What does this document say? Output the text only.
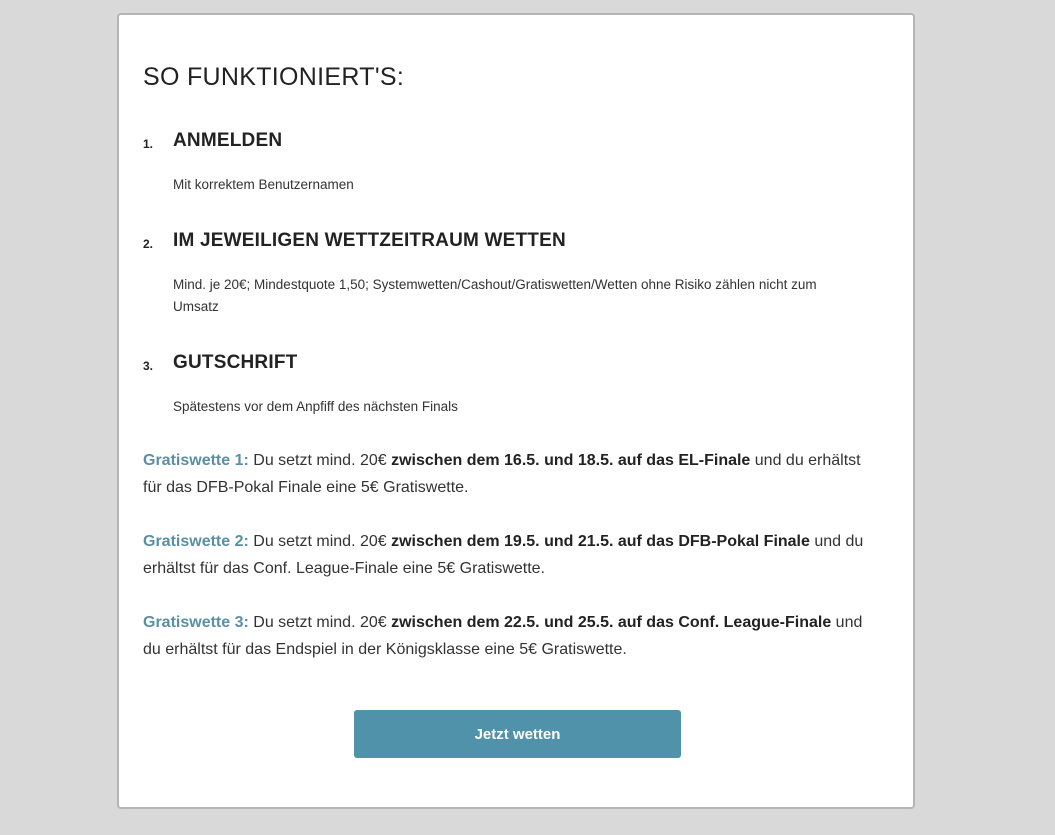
SO FUNKTIONIERT'S:
1. ANMELDEN

Mit korrektem Benutzernamen

2. IM JEWEILIGEN WETTZEITRAUM WETTEN

Mind. je 20€; Mindestquote 1,50; Systemwetten/Cashout/Gratiswetten/Wetten ohne Risiko zählen nicht zum Umsatz

3. GUTSCHRIFT

Spätestens vor dem Anpfiff des nächsten Finals

Gratiswette 1: Du setzt mind. 20€ zwischen dem 16.5. und 18.5. auf das EL-Finale und du erhältst für das DFB-Pokal Finale eine 5€ Gratiswette.

Gratiswette 2: Du setzt mind. 20€ zwischen dem 19.5. und 21.5. auf das DFB-Pokal Finale und du erhältst für das Conf. League-Finale eine 5€ Gratiswette.

Gratiswette 3: Du setzt mind. 20€ zwischen dem 22.5. und 25.5. auf das Conf. League-Finale und du erhältst für das Endspiel in der Königsklasse eine 5€ Gratiswette.

Jetzt wetten
